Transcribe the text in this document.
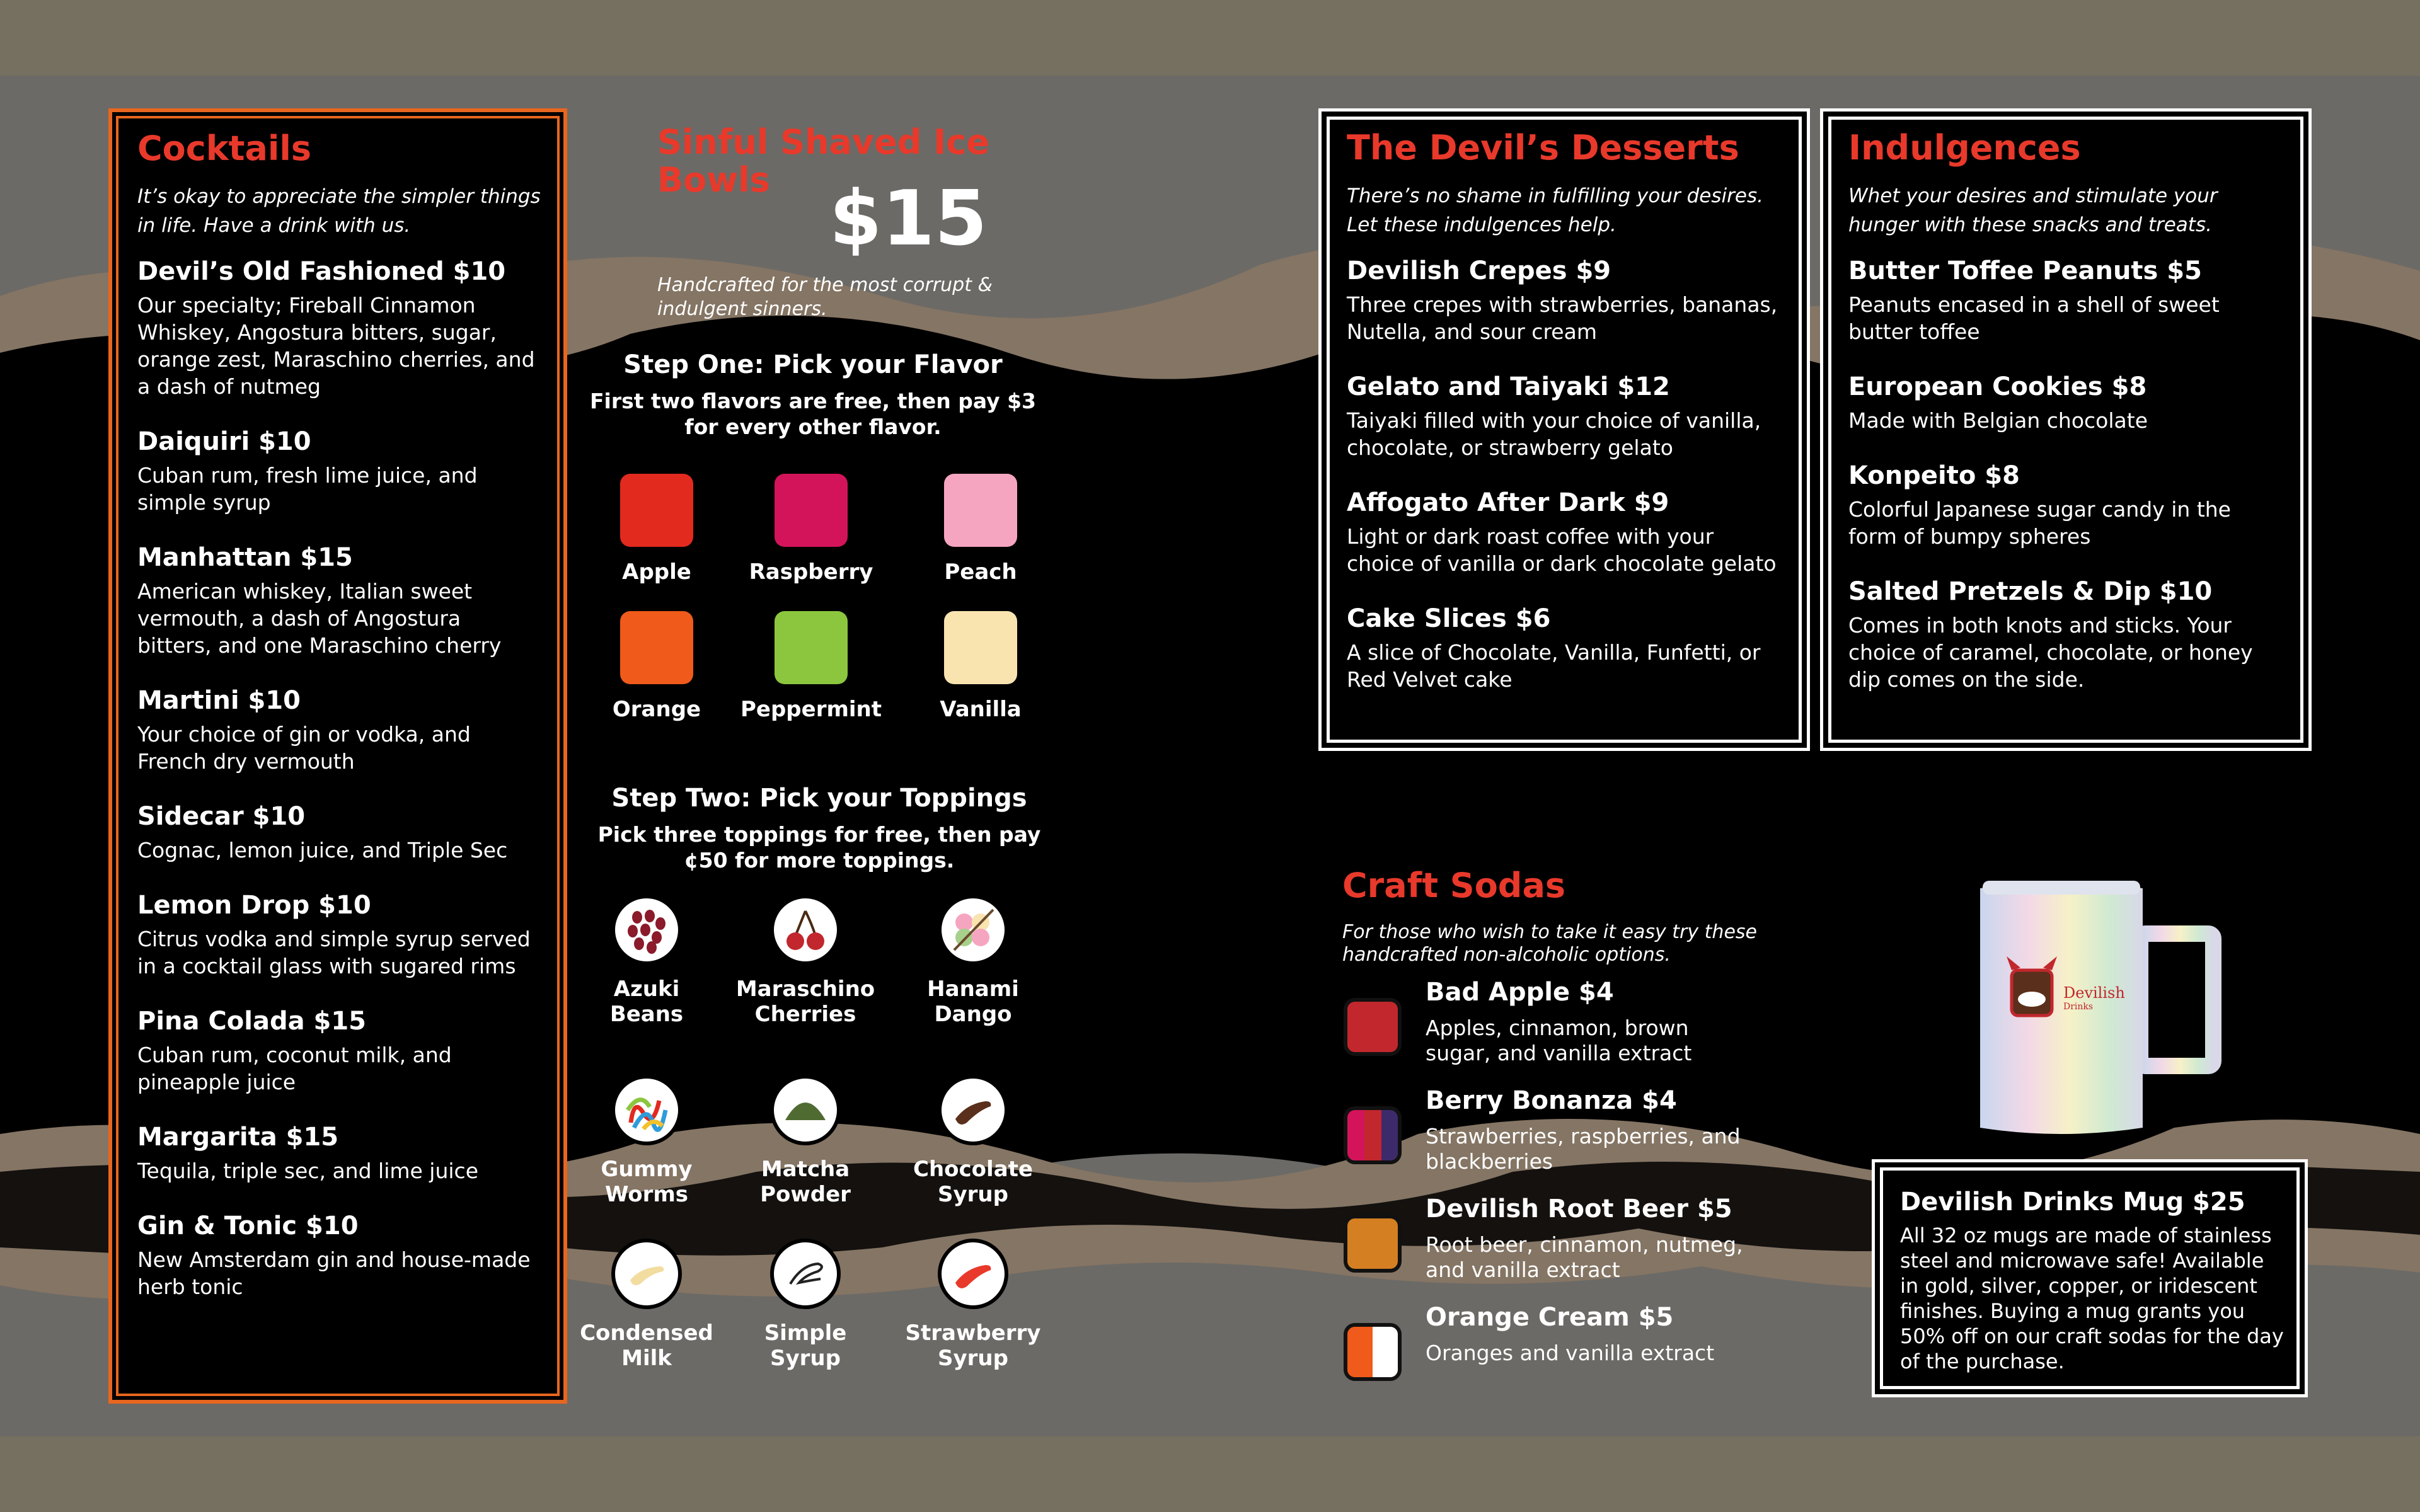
Cocktails
It’s okay to appreciate the simpler things in life. Have a drink with us.
Devil’s Old Fashioned $10
Our specialty; Fireball Cinnamon Whiskey, Angostura bitters, sugar, orange zest, Maraschino cherries, and a dash of nutmeg
Daiquiri $10
Cuban rum, fresh lime juice, and simple syrup
Manhattan $15
American whiskey, Italian sweet vermouth, a dash of Angostura bitters, and one Maraschino cherry
Martini $10
Your choice of gin or vodka, and French dry vermouth
Sidecar $10
Cognac, lemon juice, and Triple Sec
Lemon Drop $10
Citrus vodka and simple syrup served in a cocktail glass with sugared rims
Pina Colada $15
Cuban rum, coconut milk, and pineapple juice
Margarita $15
Tequila, triple sec, and lime juice
Gin & Tonic $10
New Amsterdam gin and house-made herb tonic
Sinful Shaved Ice Bowls $15
Handcrafted for the most corrupt & indulgent sinners.
Step One: Pick your Flavor
First two flavors are free, then pay $3 for every other flavor.
Apple	Raspberry	Peach
Orange	Peppermint	Vanilla
Step Two: Pick your Toppings
Pick three toppings for free, then pay ¢50 for more toppings.
Azuki
Beans
Maraschino
Cherries
Hanami
Dango
Gummy
Worms
Matcha
Powder
Chocolate
Syrup
Condensed
Milk
Simple
Syrup
Strawberry
Syrup
The Devil’s Desserts
There’s no shame in fulfilling your desires. Let these indulgences help.
Devilish Crepes $9
Three crepes with strawberries, bananas, Nutella, and sour cream
Gelato and Taiyaki $12
Taiyaki filled with your choice of vanilla, chocolate, or strawberry gelato
Affogato After Dark $9
Light or dark roast coffee with your choice of vanilla or dark chocolate gelato
Cake Slices $6
A slice of Chocolate, Vanilla, Funfetti, or Red Velvet cake
Indulgences
Whet your desires and stimulate your hunger with these snacks and treats.
Butter Toffee Peanuts $5
Peanuts encased in a shell of sweet butter toffee
European Cookies $8
Made with Belgian chocolate
Konpeito $8
Colorful Japanese sugar candy in the form of bumpy spheres
Salted Pretzels & Dip $10
Comes in both knots and sticks. Your choice of caramel, chocolate, or honey dip comes on the side.
Craft Sodas
For those who wish to take it easy try these handcrafted non-alcoholic options.
Bad Apple $4
Apples, cinnamon, brown sugar, and vanilla extract
Berry Bonanza $4
Strawberries, raspberries, and blackberries
Devilish Root Beer $5
Root beer, cinnamon, nutmeg, and vanilla extract
Orange Cream $5
Oranges and vanilla extract
Devilish
Drinks
Devilish Drinks Mug $25
All 32 oz mugs are made of stainless steel and microwave safe! Available in gold, silver, copper, or iridescent finishes. Buying a mug grants you 50% off on our craft sodas for the day of the purchase.
